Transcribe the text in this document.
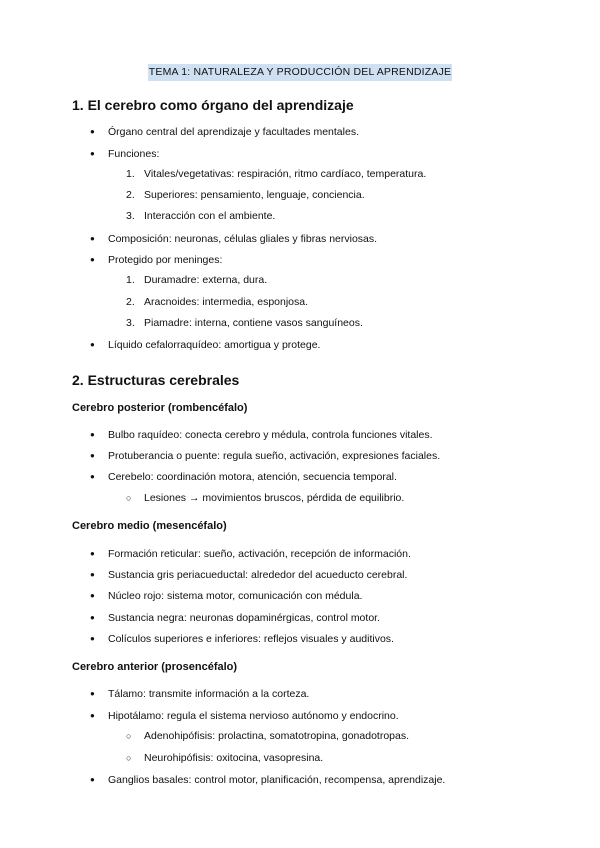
TEMA 1: NATURALEZA Y PRODUCCIÓN DEL APRENDIZAJE
1. El cerebro como órgano del aprendizaje
● Órgano central del aprendizaje y facultades mentales.
● Funciones:
1. Vitales/vegetativas: respiración, ritmo cardíaco, temperatura.
2. Superiores: pensamiento, lenguaje, conciencia.
3. Interacción con el ambiente.
● Composición: neuronas, células gliales y fibras nerviosas.
● Protegido por meninges:
1. Duramadre: externa, dura.
2. Aracnoides: intermedia, esponjosa.
3. Piamadre: interna, contiene vasos sanguíneos.
● Líquido cefalorraquídeo: amortigua y protege.
2. Estructuras cerebrales
Cerebro posterior (rombencéfalo)
● Bulbo raquídeo: conecta cerebro y médula, controla funciones vitales.
● Protuberancia o puente: regula sueño, activación, expresiones faciales.
● Cerebelo: coordinación motora, atención, secuencia temporal.
○ Lesiones → movimientos bruscos, pérdida de equilibrio.
Cerebro medio (mesencéfalo)
● Formación reticular: sueño, activación, recepción de información.
● Sustancia gris periacueductal: alrededor del acueducto cerebral.
● Núcleo rojo: sistema motor, comunicación con médula.
● Sustancia negra: neuronas dopaminérgicas, control motor.
● Colículos superiores e inferiores: reflejos visuales y auditivos.
Cerebro anterior (prosencéfalo)
● Tálamo: transmite información a la corteza.
● Hipotálamo: regula el sistema nervioso autónomo y endocrino.
○ Adenohipófisis: prolactina, somatotropina, gonadotropas.
○ Neurohipófisis: oxitocina, vasopresina.
● Ganglios basales: control motor, planificación, recompensa, aprendizaje.
